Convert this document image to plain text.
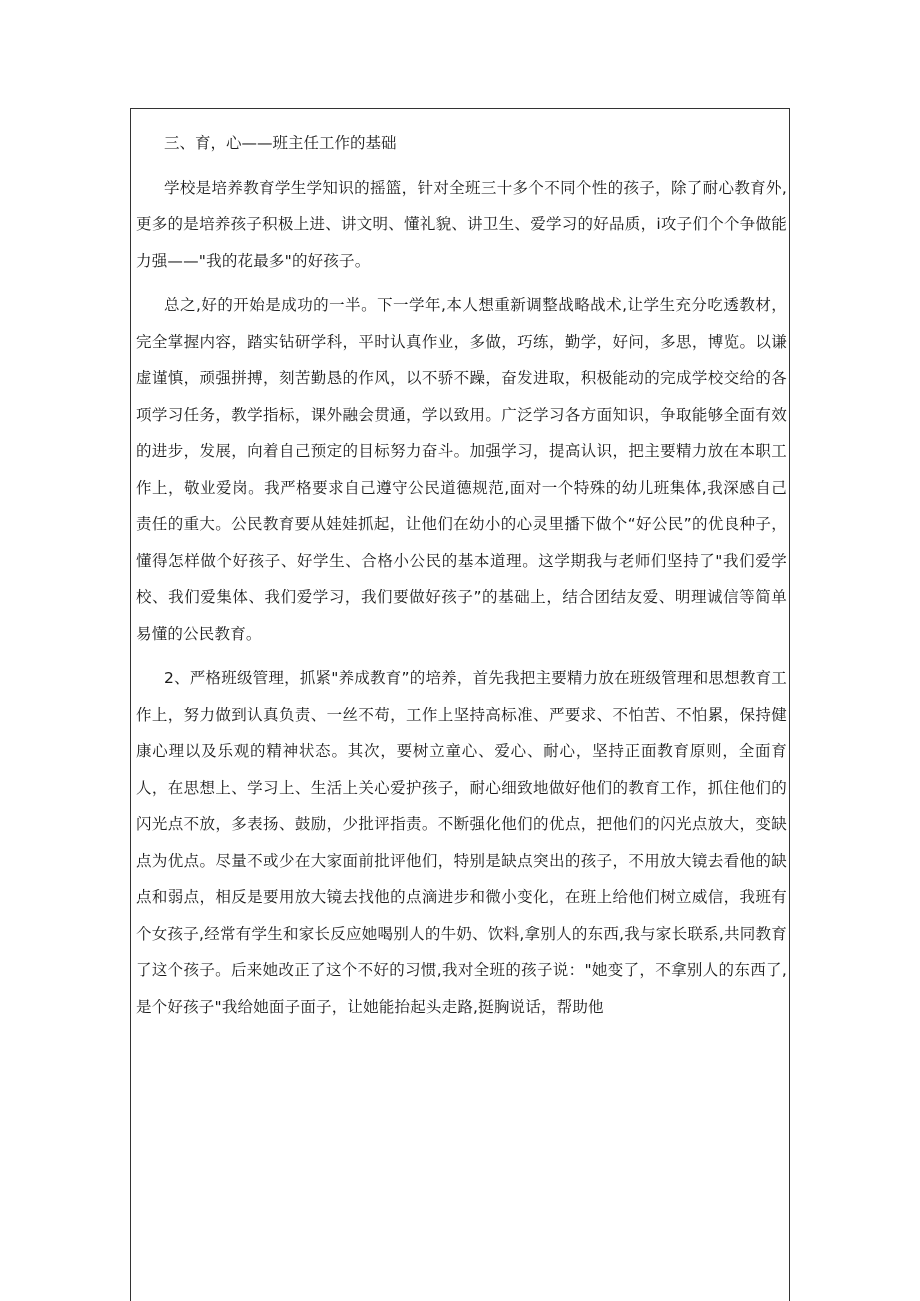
三、育，心——班主任工作的基础

学校是培养教育学生学知识的摇篮，针对全班三十多个不同个性的孩子，除了耐心教育外,更多的是培养孩子积极上进、讲文明、懂礼貌、讲卫生、爱学习的好品质，i攻子们个个争做能力强——"我的花最多"的好孩子。

总之,好的开始是成功的一半。下一学年,本人想重新调整战略战术,让学生充分吃透教材，完全掌握内容，踏实钻研学科，平时认真作业，多做，巧练，勤学，好问，多思，博览。以谦虚谨慎，顽强拼搏，刻苦勤恳的作风，以不骄不躁，奋发进取，积极能动的完成学校交给的各项学习任务，教学指标，课外融会贯通，学以致用。广泛学习各方面知识，争取能够全面有效的进步，发展，向着自己预定的目标努力奋斗。加强学习，提高认识，把主要精力放在本职工作上，敬业爱岗。我严格要求自己遵守公民道德规范,面对一个特殊的幼儿班集体,我深感自己责任的重大。公民教育要从娃娃抓起，让他们在幼小的心灵里播下做个“好公民”的优良种子，懂得怎样做个好孩子、好学生、合格小公民的基本道理。这学期我与老师们坚持了"我们爱学校、我们爱集体、我们爱学习，我们要做好孩子”的基础上，结合团结友爱、明理诚信等简单易懂的公民教育。

2、严格班级管理，抓紧"养成教育”的培养，首先我把主要精力放在班级管理和思想教育工作上，努力做到认真负责、一丝不苟，工作上坚持高标准、严要求、不怕苦、不怕累，保持健康心理以及乐观的精神状态。其次，要树立童心、爱心、耐心，坚持正面教育原则，全面育人，在思想上、学习上、生活上关心爱护孩子，耐心细致地做好他们的教育工作，抓住他们的闪光点不放，多表扬、鼓励，少批评指责。不断强化他们的优点，把他们的闪光点放大，变缺点为优点。尽量不或少在大家面前批评他们，特别是缺点突出的孩子，不用放大镜去看他的缺点和弱点，相反是要用放大镜去找他的点滴进步和微小变化，在班上给他们树立威信，我班有个女孩子,经常有学生和家长反应她喝别人的牛奶、饮料,拿别人的东西,我与家长联系,共同教育了这个孩子。后来她改正了这个不好的习惯,我对全班的孩子说："她变了，不拿别人的东西了,是个好孩子"我给她面子面子，让她能抬起头走路,挺胸说话，帮助他
